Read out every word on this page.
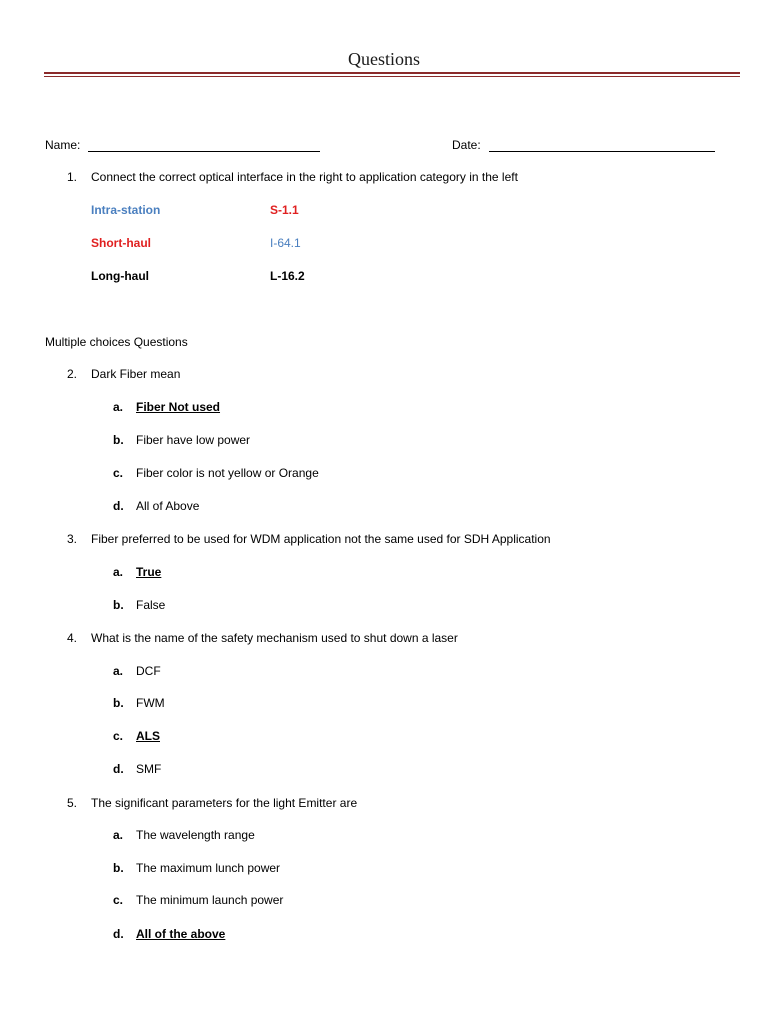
Questions
Name:	Date:
1. Connect the correct optical interface in the right to application category in the left
Intra-station	S-1.1
Short-haul	I-64.1
Long-haul	L-16.2
Multiple choices Questions
2. Dark Fiber mean
a. Fiber Not used
b. Fiber have low power
c. Fiber color is not yellow or Orange
d. All of Above
3. Fiber preferred to be used for WDM application not the same used for SDH Application
a. True
b. False
4. What is the name of the safety mechanism used to shut down a laser
a. DCF
b. FWM
c. ALS
d. SMF
5. The significant parameters for the light Emitter are
a. The wavelength range
b. The maximum lunch power
c. The minimum launch power
d. All of the above
